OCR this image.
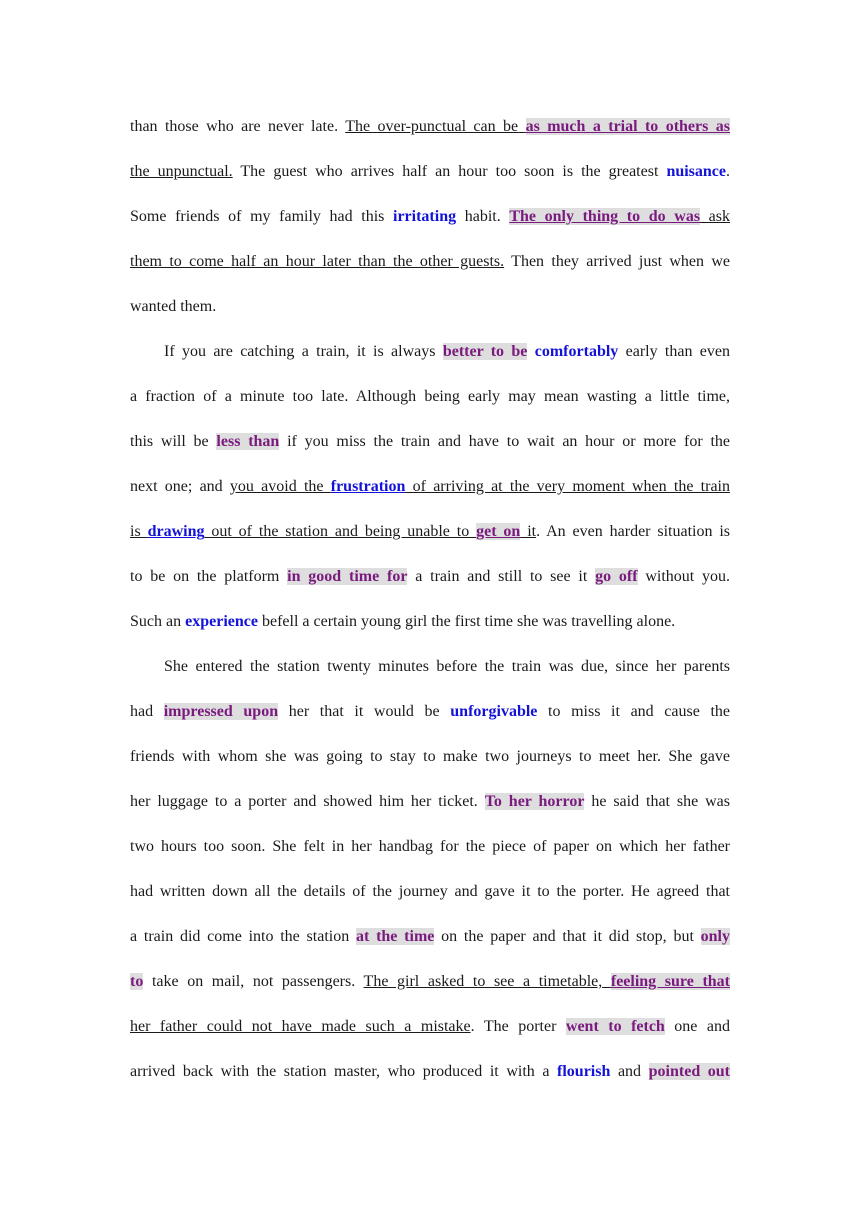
than those who are never late. The over-punctual can be as much a trial to others as
the unpunctual. The guest who arrives half an hour too soon is the greatest nuisance.
Some friends of my family had this irritating habit. The only thing to do was ask
them to come half an hour later than the other guests. Then they arrived just when we
wanted them.
If you are catching a train, it is always better to be comfortably early than even
a fraction of a minute too late. Although being early may mean wasting a little time,
this will be less than if you miss the train and have to wait an hour or more for the
next one; and you avoid the frustration of arriving at the very moment when the train
is drawing out of the station and being unable to get on it. An even harder situation is
to be on the platform in good time for a train and still to see it go off without you.
Such an experience befell a certain young girl the first time she was travelling alone.
She entered the station twenty minutes before the train was due, since her parents
had impressed upon her that it would be unforgivable to miss it and cause the
friends with whom she was going to stay to make two journeys to meet her. She gave
her luggage to a porter and showed him her ticket. To her horror he said that she was
two hours too soon. She felt in her handbag for the piece of paper on which her father
had written down all the details of the journey and gave it to the porter. He agreed that
a train did come into the station at the time on the paper and that it did stop, but only
to take on mail, not passengers. The girl asked to see a timetable, feeling sure that
her father could not have made such a mistake. The porter went to fetch one and
arrived back with the station master, who produced it with a flourish and pointed out
